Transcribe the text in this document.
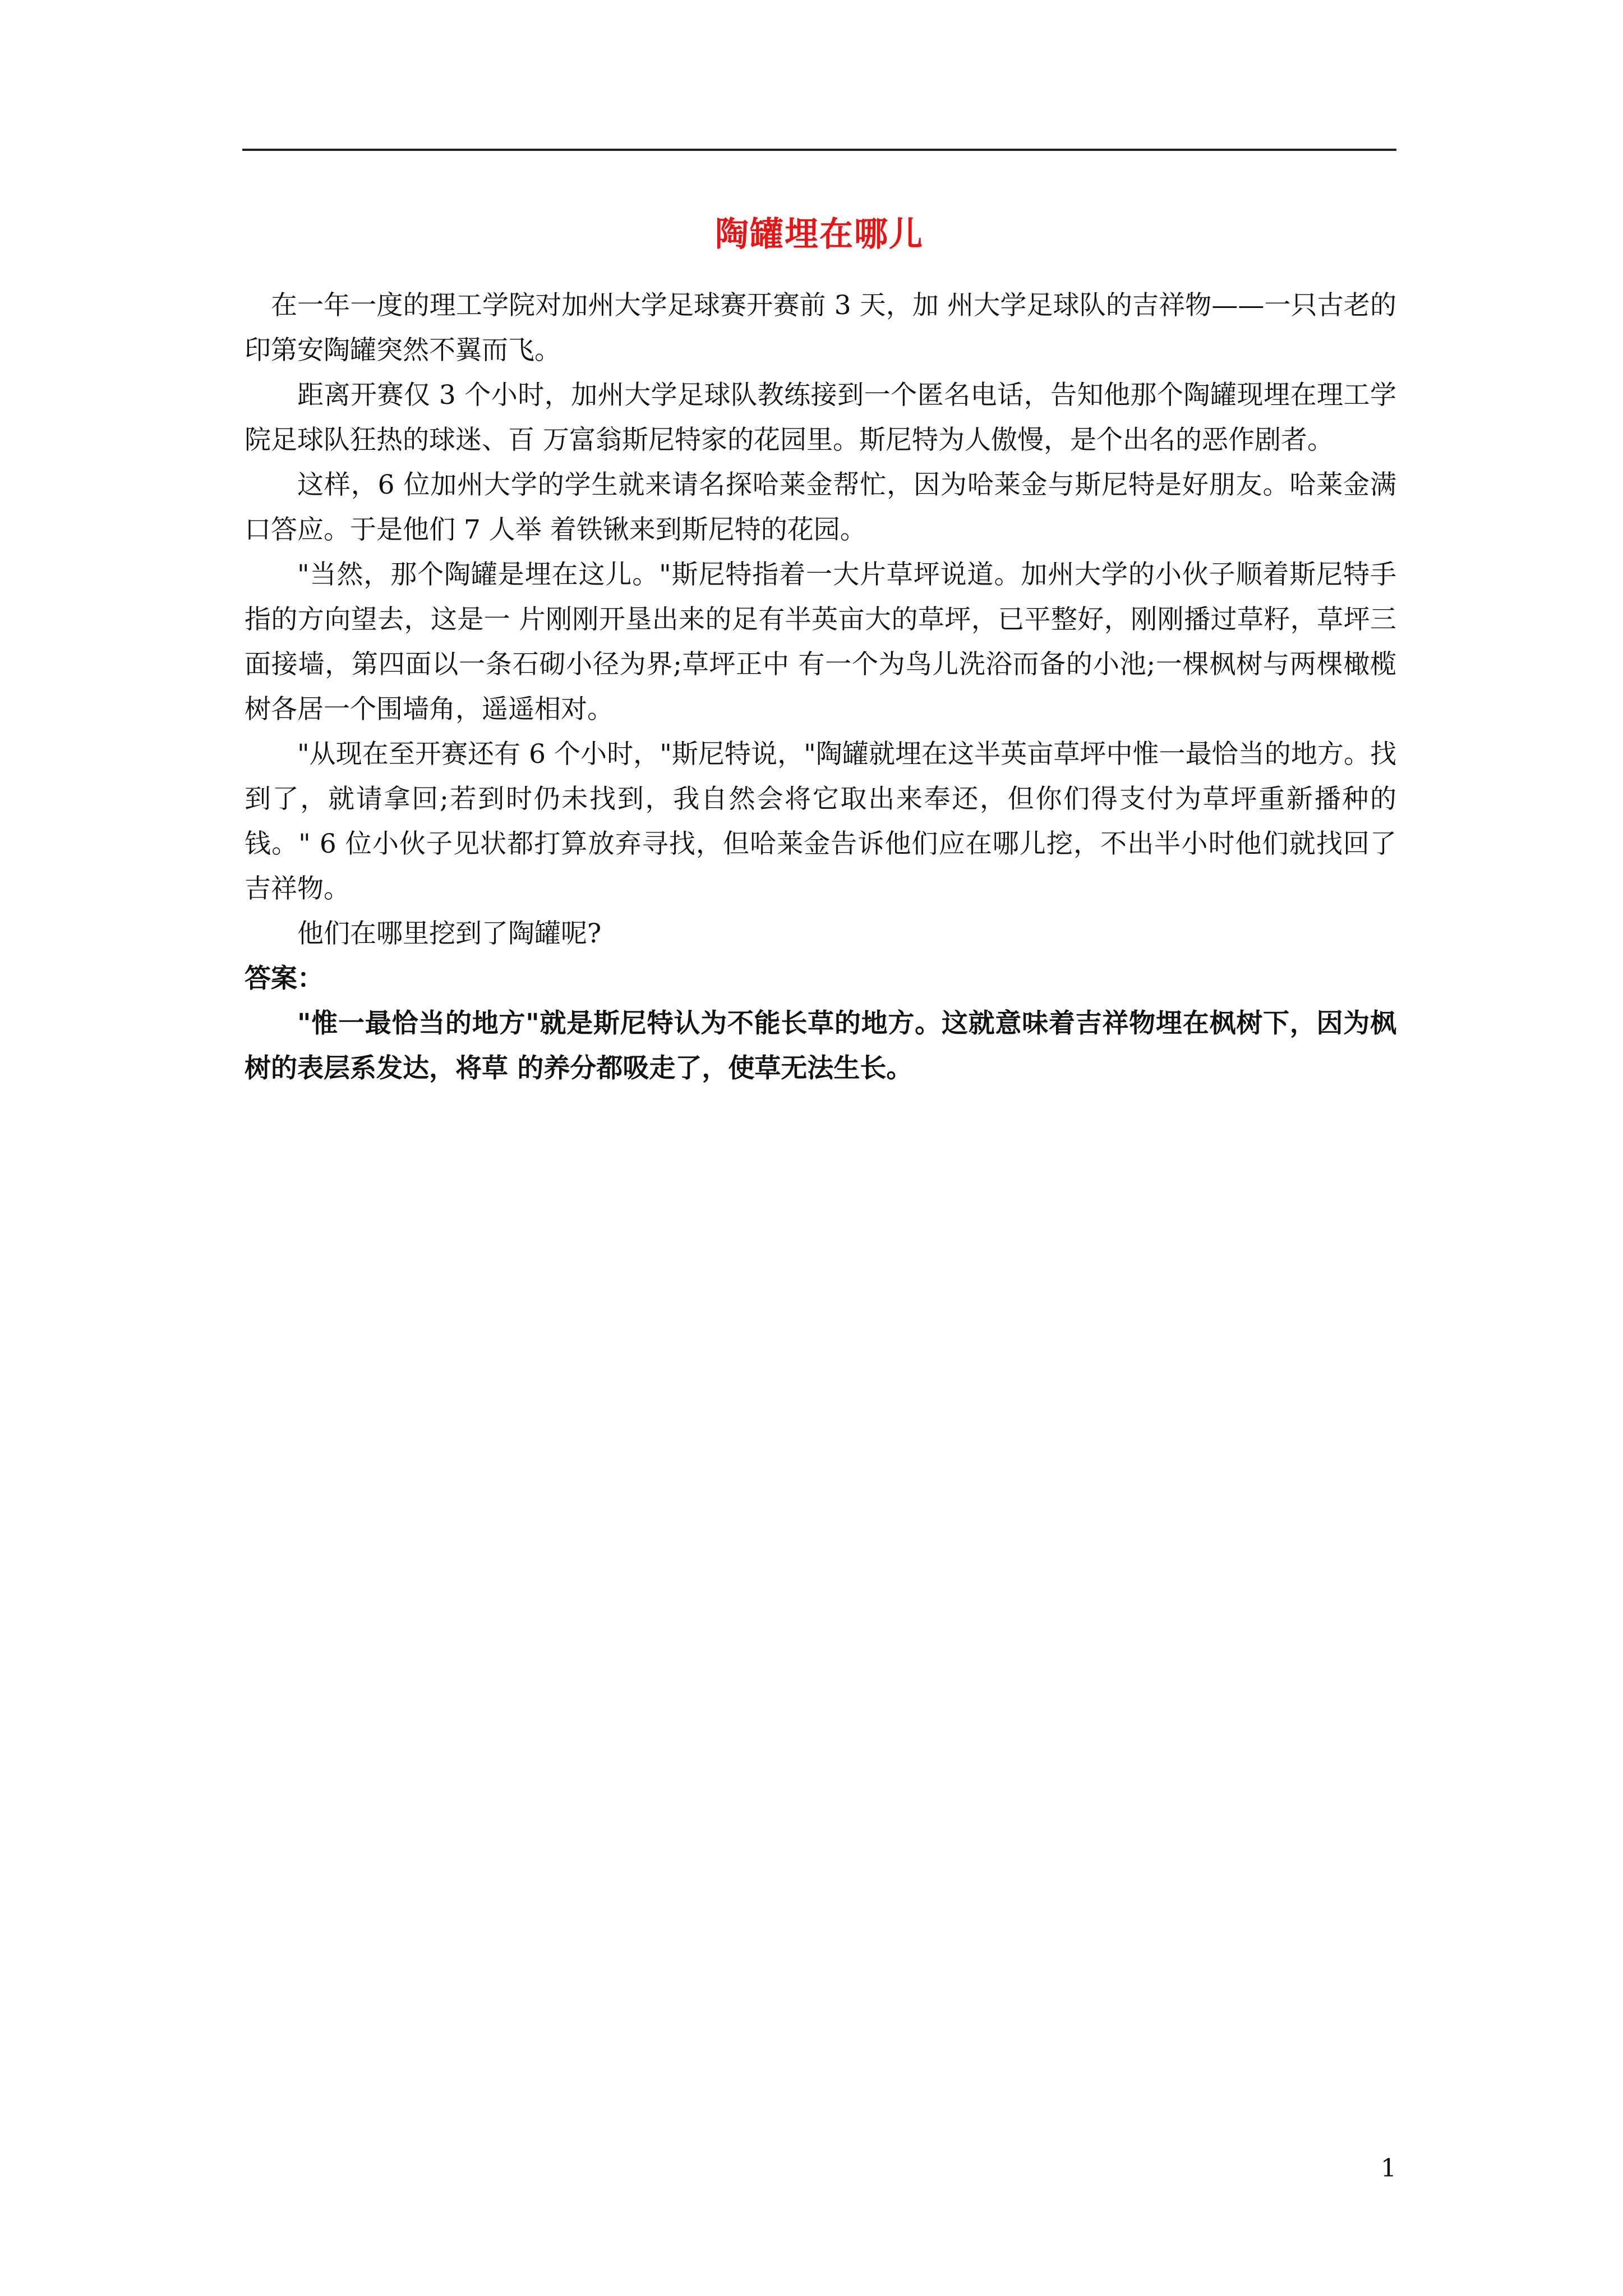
陶罐埋在哪儿

在一年一度的理工学院对加州大学足球赛开赛前 3 天，加 州大学足球队的吉祥物——一只古老的印第安陶罐突然不翼而飞。

距离开赛仅 3 个小时，加州大学足球队教练接到一个匿名电话，告知他那个陶罐现埋在理工学院足球队狂热的球迷、百 万富翁斯尼特家的花园里。斯尼特为人傲慢，是个出名的恶作剧者。

这样，6 位加州大学的学生就来请名探哈莱金帮忙，因为哈莱金与斯尼特是好朋友。哈莱金满口答应。于是他们 7 人举 着铁锹来到斯尼特的花园。

"当然，那个陶罐是埋在这儿。"斯尼特指着一大片草坪说道。加州大学的小伙子顺着斯尼特手指的方向望去，这是一 片刚刚开垦出来的足有半英亩大的草坪，已平整好，刚刚播过草籽，草坪三面接墙，第四面以一条石砌小径为界;草坪正中 有一个为鸟儿洗浴而备的小池;一棵枫树与两棵橄榄树各居一个围墙角，遥遥相对。

"从现在至开赛还有 6 个小时，"斯尼特说，"陶罐就埋在这半英亩草坪中惟一最恰当的地方。找到了，就请拿回;若到时仍未找到，我自然会将它取出来奉还，但你们得支付为草坪重新播种的钱。" 6 位小伙子见状都打算放弃寻找，但哈莱金告诉他们应在哪儿挖，不出半小时他们就找回了吉祥物。

他们在哪里挖到了陶罐呢?

答案：

"惟一最恰当的地方"就是斯尼特认为不能长草的地方。这就意味着吉祥物埋在枫树下，因为枫树的表层系发达，将草 的养分都吸走了，使草无法生长。

1
